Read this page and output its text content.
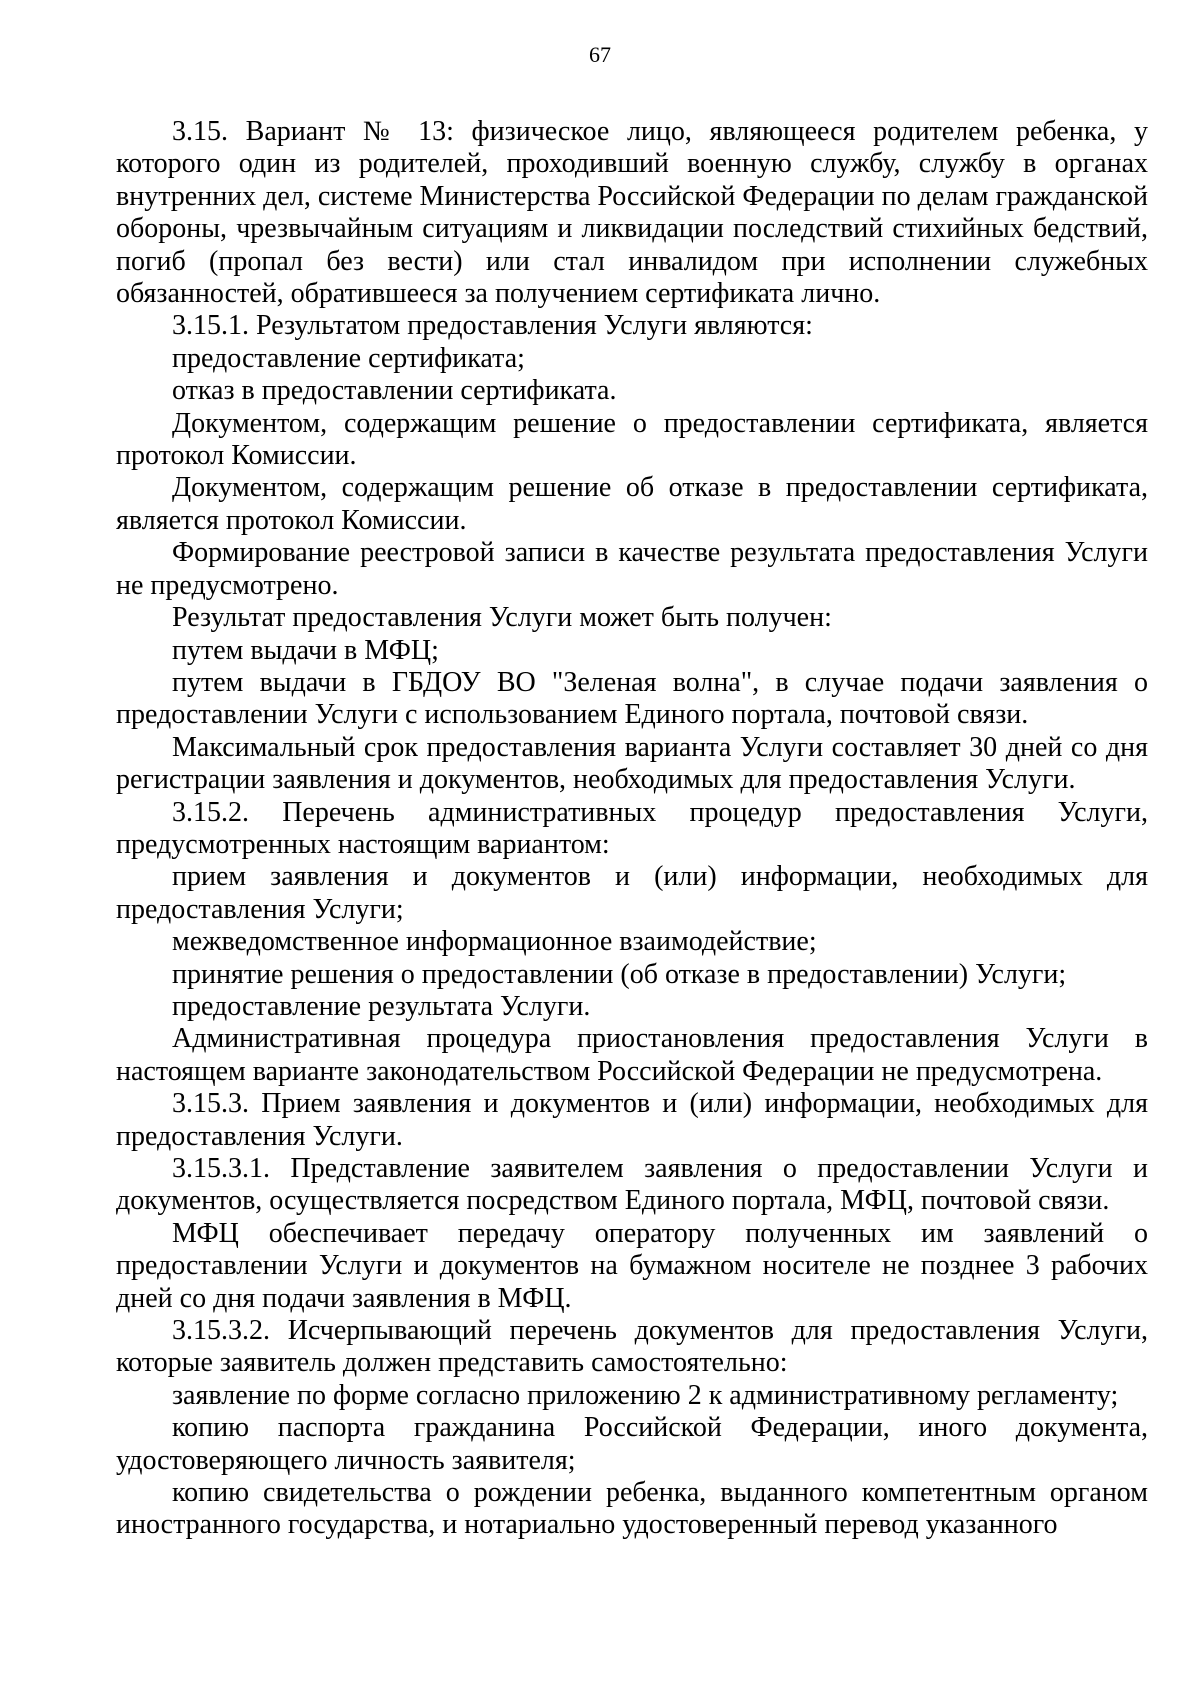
67

3.15. Вариант № 13: физическое лицо, являющееся родителем ребенка, у которого один из родителей, проходивший военную службу, службу в органах внутренних дел, системе Министерства Российской Федерации по делам гражданской обороны, чрезвычайным ситуациям и ликвидации последствий стихийных бедствий, погиб (пропал без вести) или стал инвалидом при исполнении служебных обязанностей, обратившееся за получением сертификата лично.

3.15.1. Результатом предоставления Услуги являются:

предоставление сертификата;

отказ в предоставлении сертификата.

Документом, содержащим решение о предоставлении сертификата, является протокол Комиссии.

Документом, содержащим решение об отказе в предоставлении сертификата, является протокол Комиссии.

Формирование реестровой записи в качестве результата предоставления Услуги не предусмотрено.

Результат предоставления Услуги может быть получен:

путем выдачи в МФЦ;

путем выдачи в ГБДОУ ВО "Зеленая волна", в случае подачи заявления о предоставлении Услуги с использованием Единого портала, почтовой связи.

Максимальный срок предоставления варианта Услуги составляет 30 дней со дня регистрации заявления и документов, необходимых для предоставления Услуги.

3.15.2. Перечень административных процедур предоставления Услуги, предусмотренных настоящим вариантом:

прием заявления и документов и (или) информации, необходимых для предоставления Услуги;

межведомственное информационное взаимодействие;

принятие решения о предоставлении (об отказе в предоставлении) Услуги;

предоставление результата Услуги.

Административная процедура приостановления предоставления Услуги в настоящем варианте законодательством Российской Федерации не предусмотрена.

3.15.3. Прием заявления и документов и (или) информации, необходимых для предоставления Услуги.

3.15.3.1. Представление заявителем заявления о предоставлении Услуги и документов, осуществляется посредством Единого портала, МФЦ, почтовой связи.

МФЦ обеспечивает передачу оператору полученных им заявлений о предоставлении Услуги и документов на бумажном носителе не позднее 3 рабочих дней со дня подачи заявления в МФЦ.

3.15.3.2. Исчерпывающий перечень документов для предоставления Услуги, которые заявитель должен представить самостоятельно:

заявление по форме согласно приложению 2 к административному регламенту;

копию паспорта гражданина Российской Федерации, иного документа, удостоверяющего личность заявителя;

копию свидетельства о рождении ребенка, выданного компетентным органом иностранного государства, и нотариально удостоверенный перевод указанного
